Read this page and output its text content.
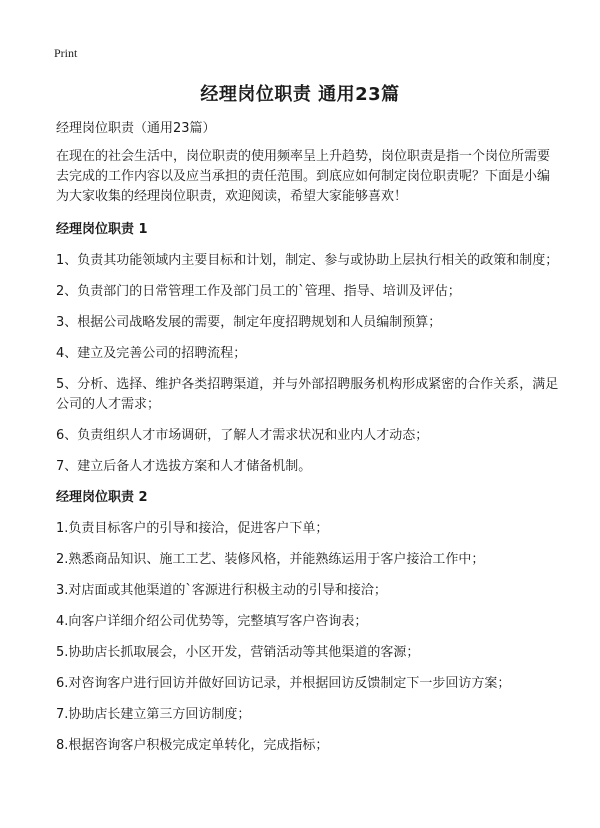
Print
经理岗位职责 通用23篇

经理岗位职责（通用23篇）

在现在的社会生活中，岗位职责的使用频率呈上升趋势，岗位职责是指一个岗位所需要去完成的工作内容以及应当承担的责任范围。到底应如何制定岗位职责呢？下面是小编为大家收集的经理岗位职责，欢迎阅读，希望大家能够喜欢！

经理岗位职责 1

1、负责其功能领域内主要目标和计划，制定、参与或协助上层执行相关的政策和制度；

2、负责部门的日常管理工作及部门员工的`管理、指导、培训及评估；

3、根据公司战略发展的需要，制定年度招聘规划和人员编制预算；

4、建立及完善公司的招聘流程；

5、分析、选择、维护各类招聘渠道，并与外部招聘服务机构形成紧密的合作关系，满足公司的人才需求；

6、负责组织人才市场调研，了解人才需求状况和业内人才动态；

7、建立后备人才选拔方案和人才储备机制。

经理岗位职责 2

1.负责目标客户的引导和接洽，促进客户下单；

2.熟悉商品知识、施工工艺、装修风格，并能熟练运用于客户接洽工作中；

3.对店面或其他渠道的`客源进行积极主动的引导和接洽；

4.向客户详细介绍公司优势等，完整填写客户咨询表；

5.协助店长抓取展会，小区开发，营销活动等其他渠道的客源；

6.对咨询客户进行回访并做好回访记录，并根据回访反馈制定下一步回访方案；

7.协助店长建立第三方回访制度；

8.根据咨询客户积极完成定单转化，完成指标；
